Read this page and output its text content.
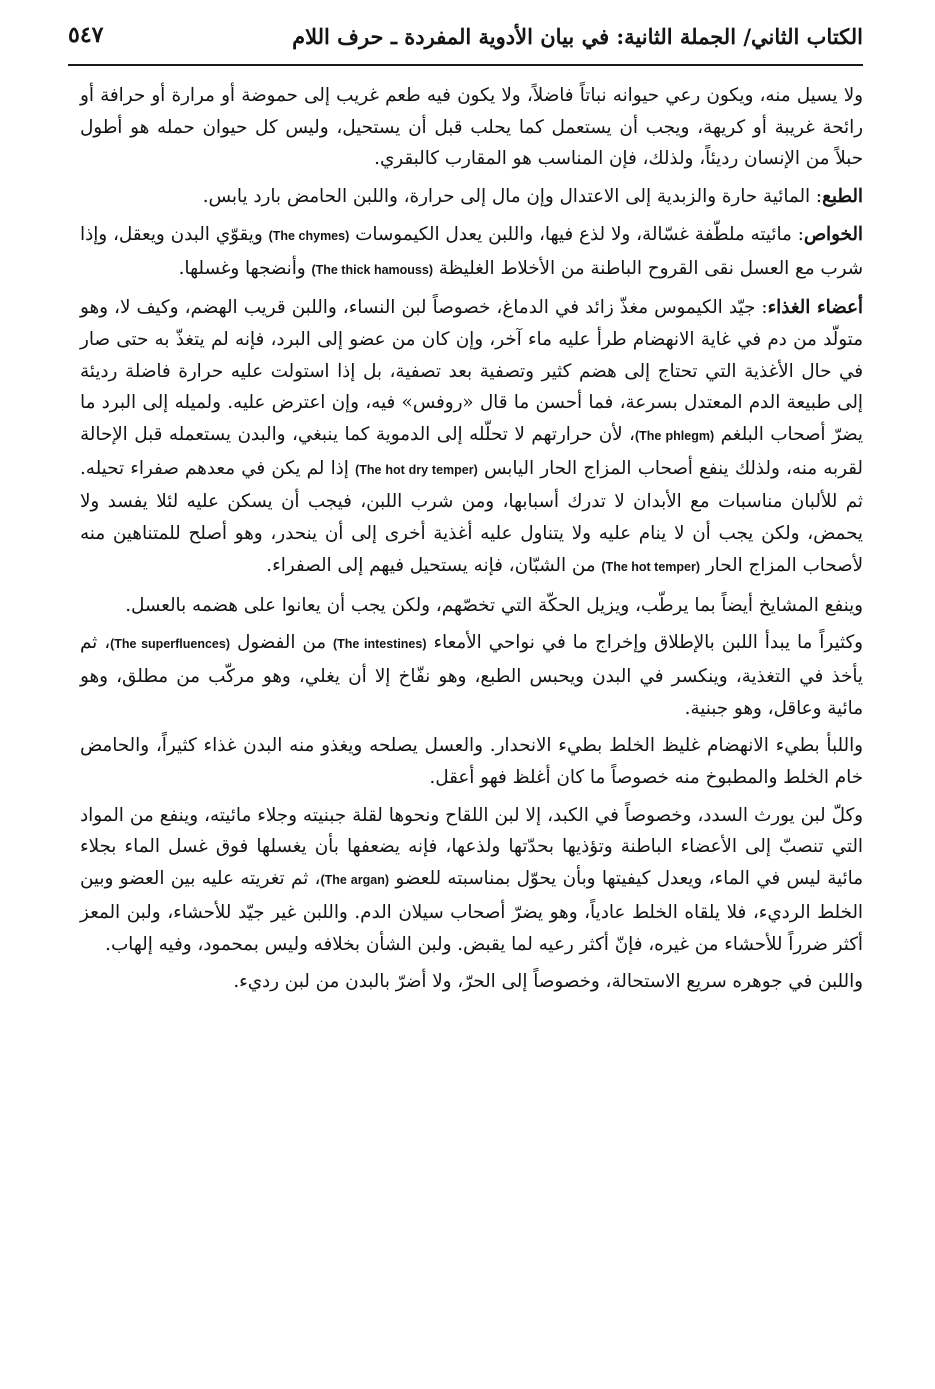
الكتاب الثاني/ الجملة الثانية: في بيان الأدوية المفردة ـ حرف اللام
٥٤٧

ولا يسيل منه، ويكون رعي حيوانه نباتاً فاضلاً، ولا يكون فيه طعم غريب إلى حموضة أو مرارة أو حرافة أو رائحة غريبة أو كريهة، ويجب أن يستعمل كما يحلب قبل أن يستحيل، وليس كل حيوان حمله هو أطول حبلاً من الإنسان رديئاً، ولذلك، فإن المناسب هو المقارب كالبقري.

الطبع: المائية حارة والزبدية إلى الاعتدال وإن مال إلى حرارة، واللبن الحامض بارد يابس.

الخواص: مائيته ملطّفة غسّالة، ولا لذع فيها، واللبن يعدل الكيموسات (The chymes) ويقوّي البدن ويعقل، وإذا شرب مع العسل نقى القروح الباطنة من الأخلاط الغليظة (The thick hamouss) وأنضجها وغسلها.

أعضاء الغذاء: جيّد الكيموس مغذّ زائد في الدماغ، خصوصاً لبن النساء، واللبن قريب الهضم، وكيف لا، وهو متولّد من دم في غاية الانهضام طرأ عليه ماء آخر، وإن كان من عضو إلى البرد، فإنه لم يتغذّ به حتى صار في حال الأغذية التي تحتاج إلى هضم كثير وتصفية بعد تصفية، بل إذا استولت عليه حرارة فاضلة رديئة إلى طبيعة الدم المعتدل بسرعة، فما أحسن ما قال «روفس» فيه، وإن اعترض عليه. ولميله إلى البرد ما يضرّ أصحاب البلغم (The phlegm)، لأن حرارتهم لا تحلّله إلى الدموية كما ينبغي، والبدن يستعمله قبل الإحالة لقربه منه، ولذلك ينفع أصحاب المزاج الحار اليابس (The hot dry temper) إذا لم يكن في معدهم صفراء تحيله. ثم للألبان مناسبات مع الأبدان لا تدرك أسبابها، ومن شرب اللبن، فيجب أن يسكن عليه لئلا يفسد ولا يحمض، ولكن يجب أن لا ينام عليه ولا يتناول عليه أغذية أخرى إلى أن ينحدر، وهو أصلح للمتناهين منه لأصحاب المزاج الحار (The hot temper) من الشبّان، فإنه يستحيل فيهم إلى الصفراء.

وينفع المشايخ أيضاً بما يرطّب، ويزيل الحكّة التي تخصّهم، ولكن يجب أن يعانوا على هضمه بالعسل.

وكثيراً ما يبدأ اللبن بالإطلاق وإخراج ما في نواحي الأمعاء (The intestines) من الفضول (The superfluences)، ثم يأخذ في التغذية، وينكسر في البدن ويحبس الطبع، وهو نفّاخ إلا أن يغلي، وهو مركّب من مطلق، وهو مائية وعاقل، وهو جبنية.

واللبأ بطيء الانهضام غليظ الخلط بطيء الانحدار. والعسل يصلحه ويغذو منه البدن غذاء كثيراً، والحامض خام الخلط والمطبوخ منه خصوصاً ما كان أغلظ فهو أعقل.

وكلّ لبن يورث السدد، وخصوصاً في الكبد، إلا لبن اللقاح ونحوها لقلة جبنيته وجلاء مائيته، وينفع من المواد التي تنصبّ إلى الأعضاء الباطنة وتؤذيها بحدّتها ولذعها، فإنه يضعفها بأن يغسلها فوق غسل الماء بجلاء مائية ليس في الماء، ويعدل كيفيتها وبأن يحوّل بمناسبته للعضو (The argan)، ثم تغريته عليه بين العضو وبين الخلط الرديء، فلا يلقاه الخلط عادياً، وهو يضرّ أصحاب سيلان الدم. واللبن غير جيّد للأحشاء، ولبن المعز أكثر ضرراً للأحشاء من غيره، فإنّ أكثر رعيه لما يقبض. ولبن الشأن بخلافه وليس بمحمود، وفيه إلهاب.

واللبن في جوهره سريع الاستحالة، وخصوصاً إلى الحرّ، ولا أضرّ بالبدن من لبن رديء.
